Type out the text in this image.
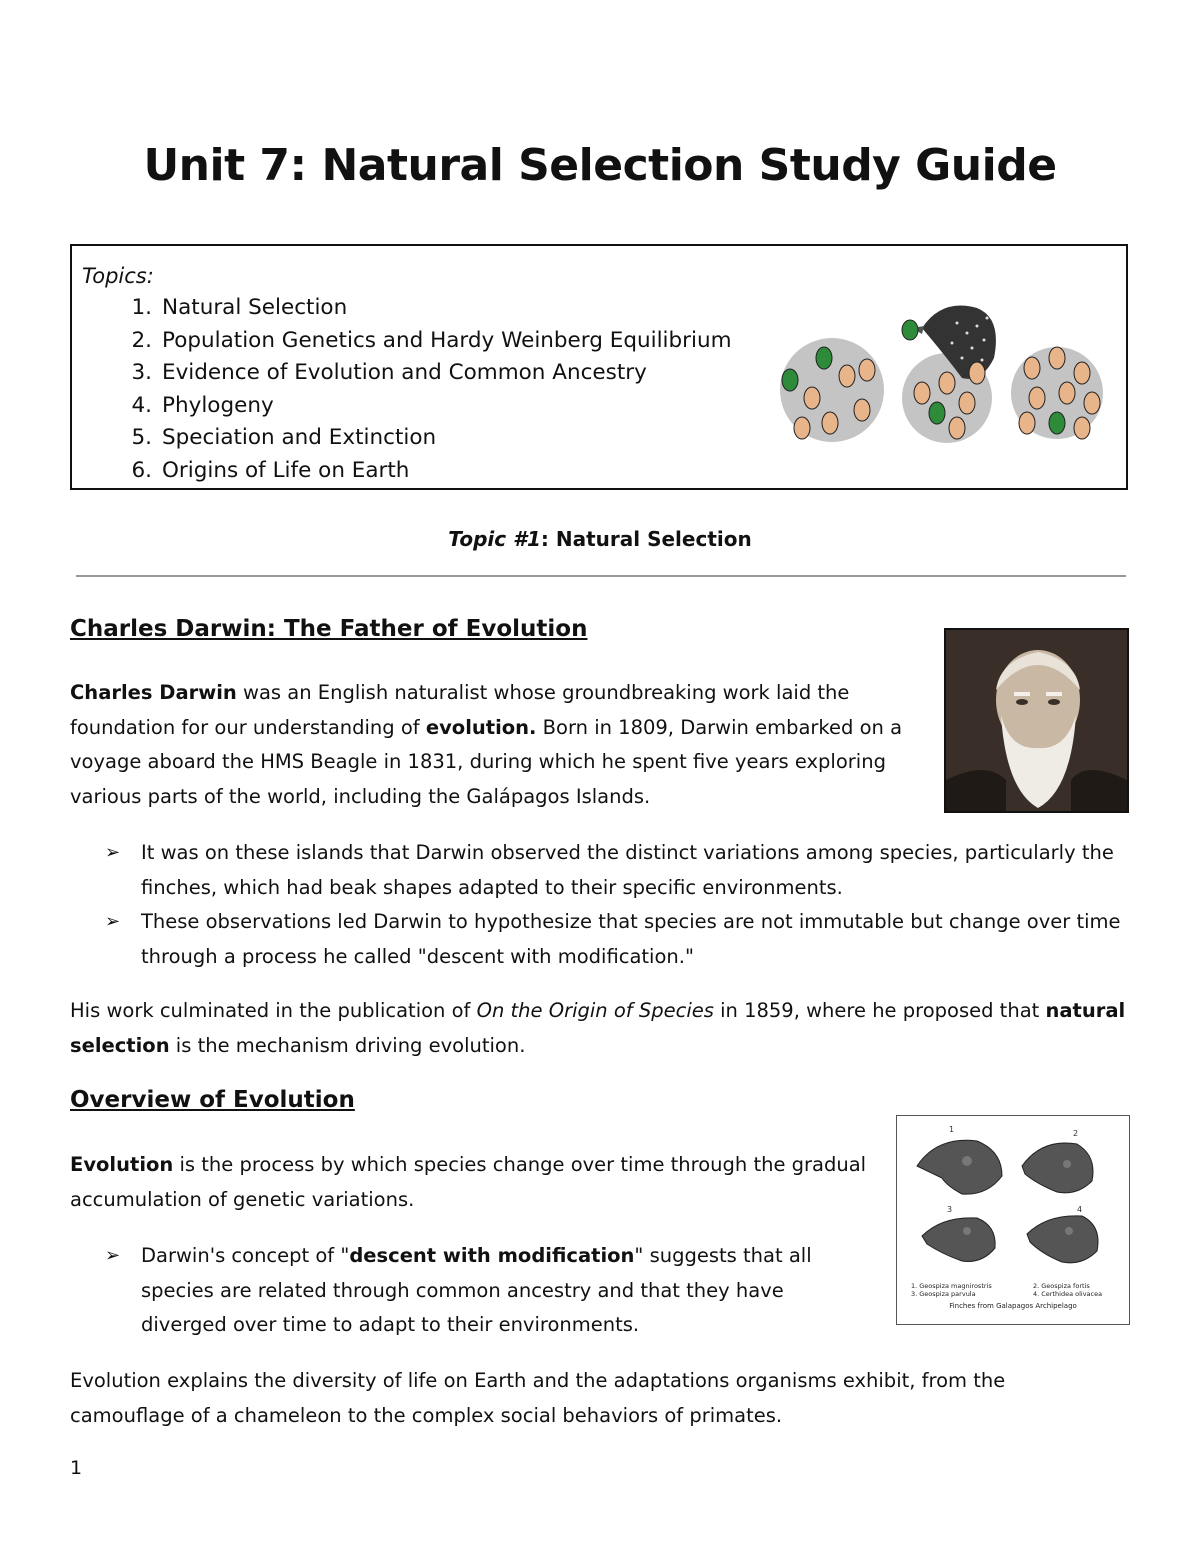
Unit 7: Natural Selection Study Guide
Topics:
1. Natural Selection
2. Population Genetics and Hardy Weinberg Equilibrium
3. Evidence of Evolution and Common Ancestry
4. Phylogeny
5. Speciation and Extinction
6. Origins of Life on Earth
Topic #1: Natural Selection
Charles Darwin: The Father of Evolution
Charles Darwin was an English naturalist whose groundbreaking work laid the foundation for our understanding of evolution. Born in 1809, Darwin embarked on a voyage aboard the HMS Beagle in 1831, during which he spent five years exploring various parts of the world, including the Galápagos Islands.
➢ It was on these islands that Darwin observed the distinct variations among species, particularly the finches, which had beak shapes adapted to their specific environments.
➢ These observations led Darwin to hypothesize that species are not immutable but change over time through a process he called "descent with modification."
His work culminated in the publication of On the Origin of Species in 1859, where he proposed that natural selection is the mechanism driving evolution.
Overview of Evolution
Evolution is the process by which species change over time through the gradual accumulation of genetic variations.
1	2
3	4
1. Geospiza magnirostris
3. Geospiza parvula
2. Geospiza fortis
4. Certhidea olivacea
Finches from Galapagos Archipelago
➢ Darwin's concept of "descent with modification" suggests that all species are related through common ancestry and that they have diverged over time to adapt to their environments.
Evolution explains the diversity of life on Earth and the adaptations organisms exhibit, from the camouflage of a chameleon to the complex social behaviors of primates.
1
